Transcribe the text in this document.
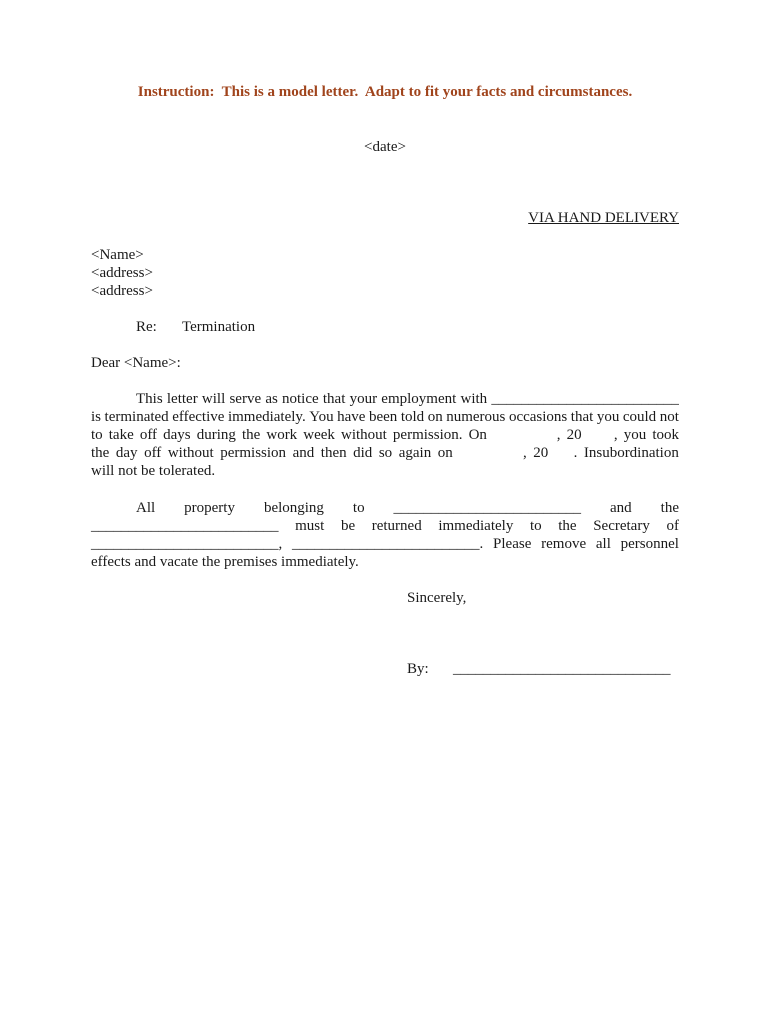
Instruction:  This is a model letter.  Adapt to fit your facts and circumstances.
<date>
VIA HAND DELIVERY
<Name>
<address>
<address>
Re: Termination
Dear <Name>:
This letter will serve as notice that your employment with _________________________
is terminated effective immediately. You have been told on numerous occasions that you could not
to take off days during the work week without permission. On , 20 , you took
the day off without permission and then did so again on , 20 . Insubordination
will not be tolerated.
All property belonging to _________________________ and the
_________________________ must be returned immediately to the Secretary of
_________________________, _________________________. Please remove all personnel
effects and vacate the premises immediately.
Sincerely,
By: _____________________________
